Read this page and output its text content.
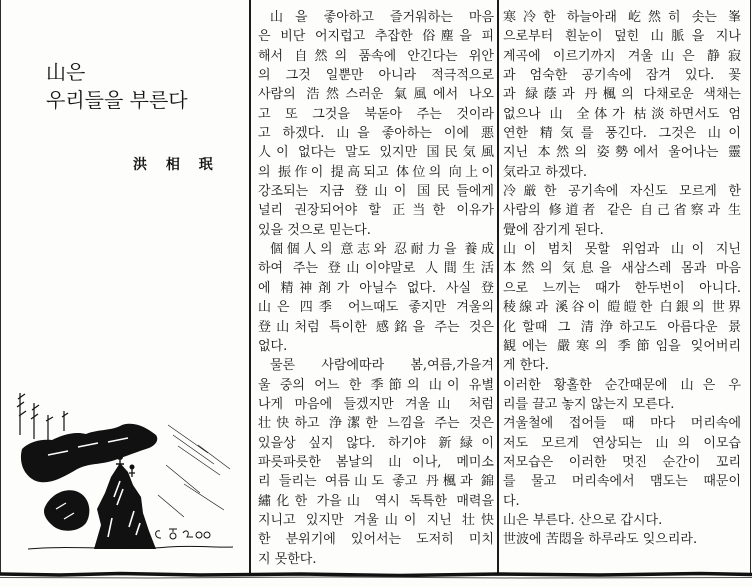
山은
우리들을 부른다
洪 相 珉
山을 좋아하고 즐거워하는 마음
은 비단 어지럽고 추잡한 俗塵을 피
해서 自然의 품속에 안긴다는 위안
의 그것 일뿐만 아니라 적극적으로
사람의 浩然스러운 氣風에서 나오
고 또 그것을 북돋아 주는 것이라
고 하겠다. 山을 좋아하는 이에 悪
人이 없다는 말도 있지만 国民気風
의 振作이 提高되고 体位의 向上이
강조되는 지금 登山이 国民들에게
널리 권장되어야 할 正当한 이유가
있을 것으로 믿는다.
個個人의 意志와 忍耐力을 養成
하여 주는 登山이야말로 人間生活
에 精神剤가 아닐수 없다. 사실 登
山은 四季 어느때도 좋지만 겨울의
登山처럼 특이한 感銘을 주는 것은
없다.
물론 사람에따라 봄,여름,가을겨
울 중의 어느 한 季節의 山이 유별
나게 마음에 들겠지만 겨울山 처럼
壮快하고 浄潔한 느낌을 주는 것은
있을상 싶지 않다. 하기야 新緑이
파릇파릇한 봄날의 山이나, 메미소
리 들리는 여름山도 좋고 丹楓과 錦
繡化한 가을山 역시 독특한 매력을
지니고 있지만 겨울山이 지닌 壮快
한 분위기에 있어서는 도저히 미치
지 못한다.
寒冷한 하늘아래 屹然히 솟는 峯
으로부터 흰눈이 덮힌 山脈을 지나
계곡에 이르기까지 겨울山은 静寂
과 엄숙한 공기속에 잠겨 있다. 꽃
과 緑蔭과 丹楓의 다채로운 색채는
없으나 山 全体가 枯淡하면서도 엄
연한 精気를 풍긴다. 그것은 山이
지닌 本然의 姿勢에서 울어나는 靈
気라고 하겠다.
冷厳한 공기속에 자신도 모르게 한
사람의 修道者 같은 自己省察과 生
覺에 잠기게 된다.
山이 범치 못할 위엄과 山이 지닌
本然의 気息을 새삼스레 몸과 마음
으로 느끼는 때가 한두번이 아니다.
稜線과 溪谷이 皚皚한 白銀의 世界
化할때 그 清浄하고도 아름다운 景
観에는 嚴寒의 季節임을 잊어버리
게 한다.
이러한 황홀한 순간때문에 山은 우
리를 끌고 놓지 않는지 모른다.
겨울철에 접어들 때 마다 머리속에
저도 모르게 연상되는 山의 이모습
저모습은 이러한 멋진 순간이 꼬리
를 물고 머리속에서 맴도는 때문이
다.
山은 부른다. 산으로 갑시다.
世波에 苦悶을 하루라도 잊으리라.
